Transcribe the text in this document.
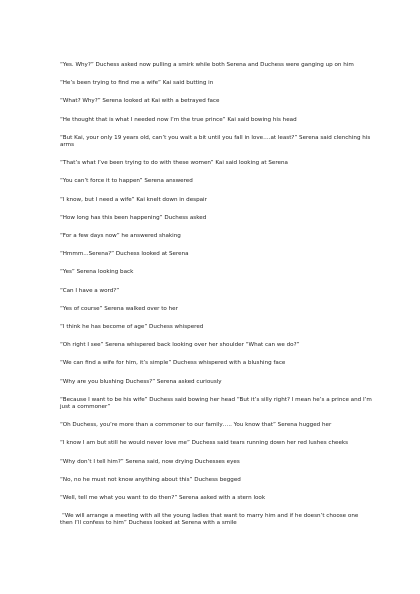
“Yes. Why?” Duchess asked now pulling a smirk while both Serena and Duchess were ganging up on him

“He’s been trying to find me a wife” Kai said butting in

“What? Why?” Serena looked at Kai with a betrayed face

“He thought that is what I needed now I’m the true prince” Kai said bowing his head

“But Kai, your only 19 years old, can’t you wait a bit until you fall in love….at least?” Serena said clenching his arms

“That’s what I’ve been trying to do with these women” Kai said looking at Serena

“You can’t force it to happen” Serena answered

“I know, but I need a wife” Kai knelt down in despair

“How long has this been happening” Duchess asked

“For a few days now” he answered shaking

“Hmmm...Serena?” Duchess looked at Serena

“Yes” Serena looking back

“Can I have a word?”

“Yes of course” Serena walked over to her

“I think he has become of age” Duchess whispered

“Oh right I see” Serena whispered back looking over her shoulder “What can we do?”

“We can find a wife for him, it’s simple” Duchess whispered with a blushing face

“Why are you blushing Duchess?” Serena asked curiously

“Because I want to be his wife” Duchess said bowing her head “But it’s silly right? I mean he’s a prince and I’m just a commoner”

“Oh Duchess, you’re more than a commoner to our family….. You know that” Serena hugged her

“I know I am but still he would never love me” Duchess said tears running down her red lushes cheeks

“Why don’t I tell him?” Serena said, now drying Duchesses eyes

“No, no he must not know anything about this” Duchess begged

“Well, tell me what you want to do then?” Serena asked with a stern look

“We will arrange a meeting with all the young ladies that want to marry him and if he doesn’t choose one then I’ll confess to him” Duchess looked at Serena with a smile
